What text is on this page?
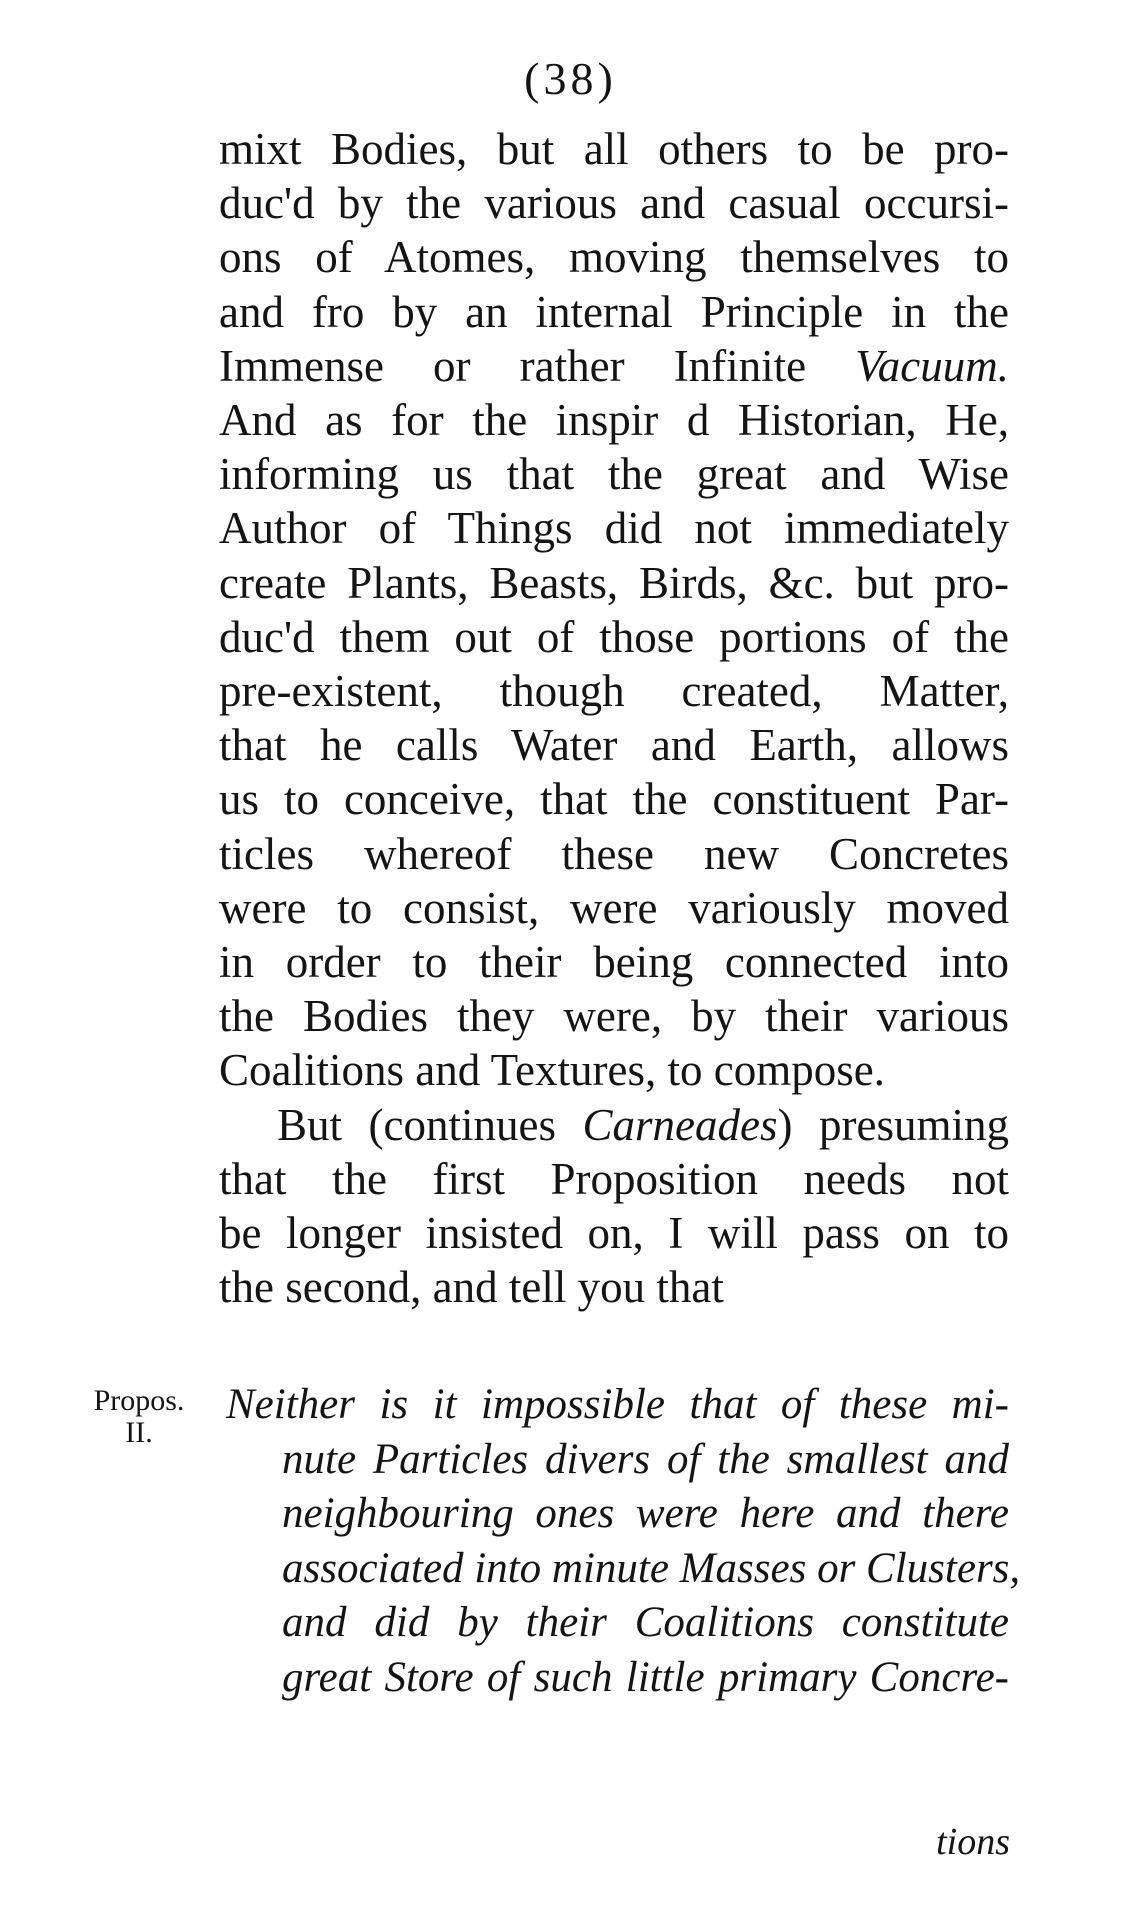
(38)
mixt Bodies, but all others to be pro-
duc'd by the various and casual occursi-
ons of Atomes, moving themselves to
and fro by an internal Principle in the
Immense or rather Infinite Vacuum.
And as for the inspir d Historian, He,
informing us that the great and Wise
Author of Things did not immediately
create Plants, Beasts, Birds, &c. but pro-
duc'd them out of those portions of the
pre-existent, though created, Matter,
that he calls Water and Earth, allows
us to conceive, that the constituent Par-
ticles whereof these new Concretes
were to consist, were variously moved
in order to their being connected into
the Bodies they were, by their various
Coalitions and Textures, to compose.
But (continues Carneades) presuming
that the first Proposition needs not
be longer insisted on, I will pass on to
the second, and tell you that
Propos.
II.
Neither is it impossible that of these mi-
nute Particles divers of the smallest and
neighbouring ones were here and there
associated into minute Masses or Clusters,
and did by their Coalitions constitute
great Store of such little primary Concre-
tions
